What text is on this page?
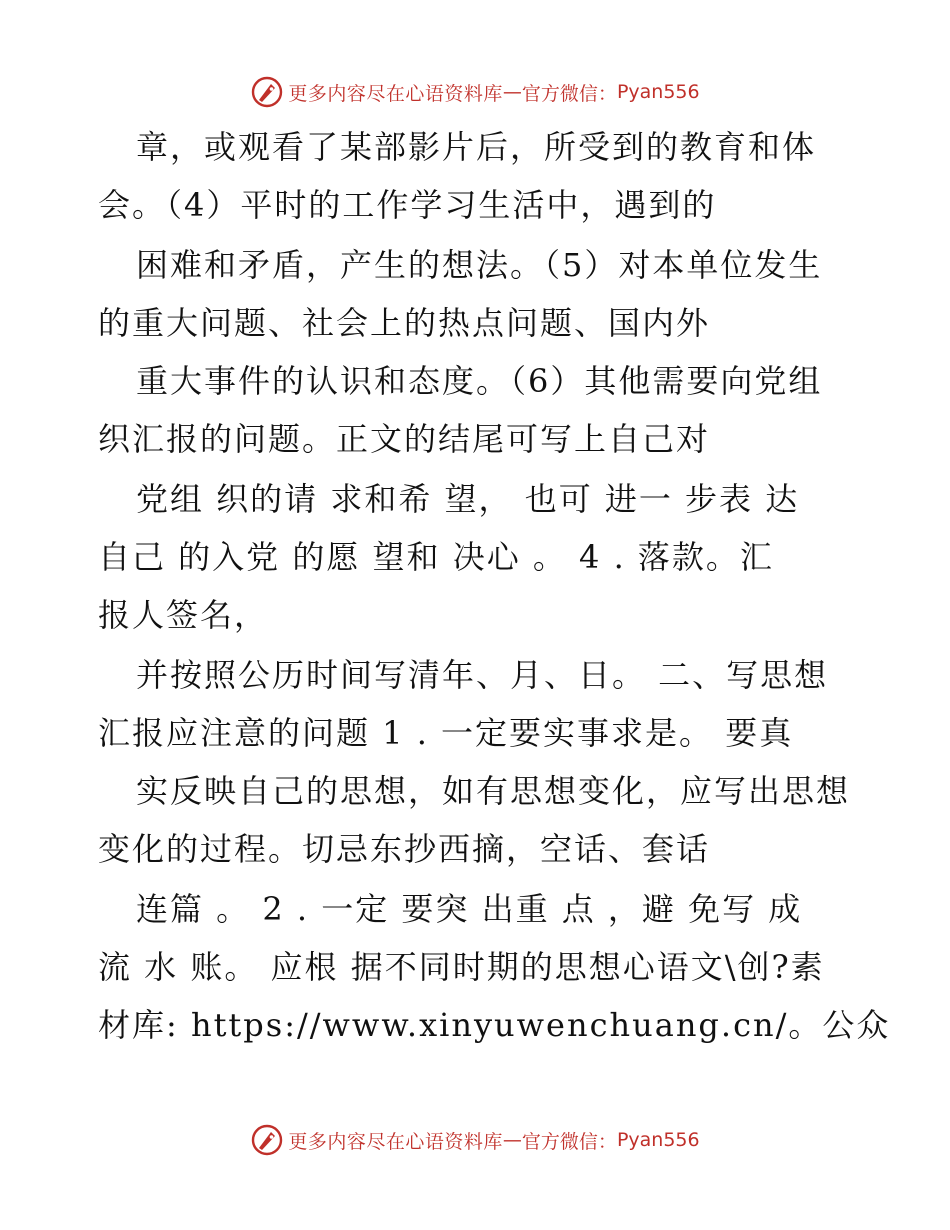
更多内容尽在心语资料库 — 官方微信： Pyan556
章，或观看了某部影片后，所受到的教育和体
会。（4）平时的工作学习生活中，遇到的
困难和矛盾，产生的想法。（5）对本单位发生
的重大问题、社会上的热点问题、国内外
重大事件的认识和态度。（6）其他需要向党组
织汇报的问题。正文的结尾可写上自己对
党组 织的请 求和希 望， 也可 进一 步表 达
自己 的入党 的愿 望和 决心 。 4 . 落款。汇
报人签名，
并按照公历时间写清年、月、日。 二、写思想
汇报应注意的问题 1 . 一定要实事求是。 要真
实反映自己的思想，如有思想变化，应写出思想
变化的过程。切忌东抄西摘，空话、套话
连篇 。 2 . 一定 要突 出重 点 ，避 免写 成
流 水 账。 应根 据不同时期的思想心语文\创?素
材库: https://www.xinyuwenchuang.cn/。公众
更多内容尽在心语资料库 — 官方微信： Pyan556
